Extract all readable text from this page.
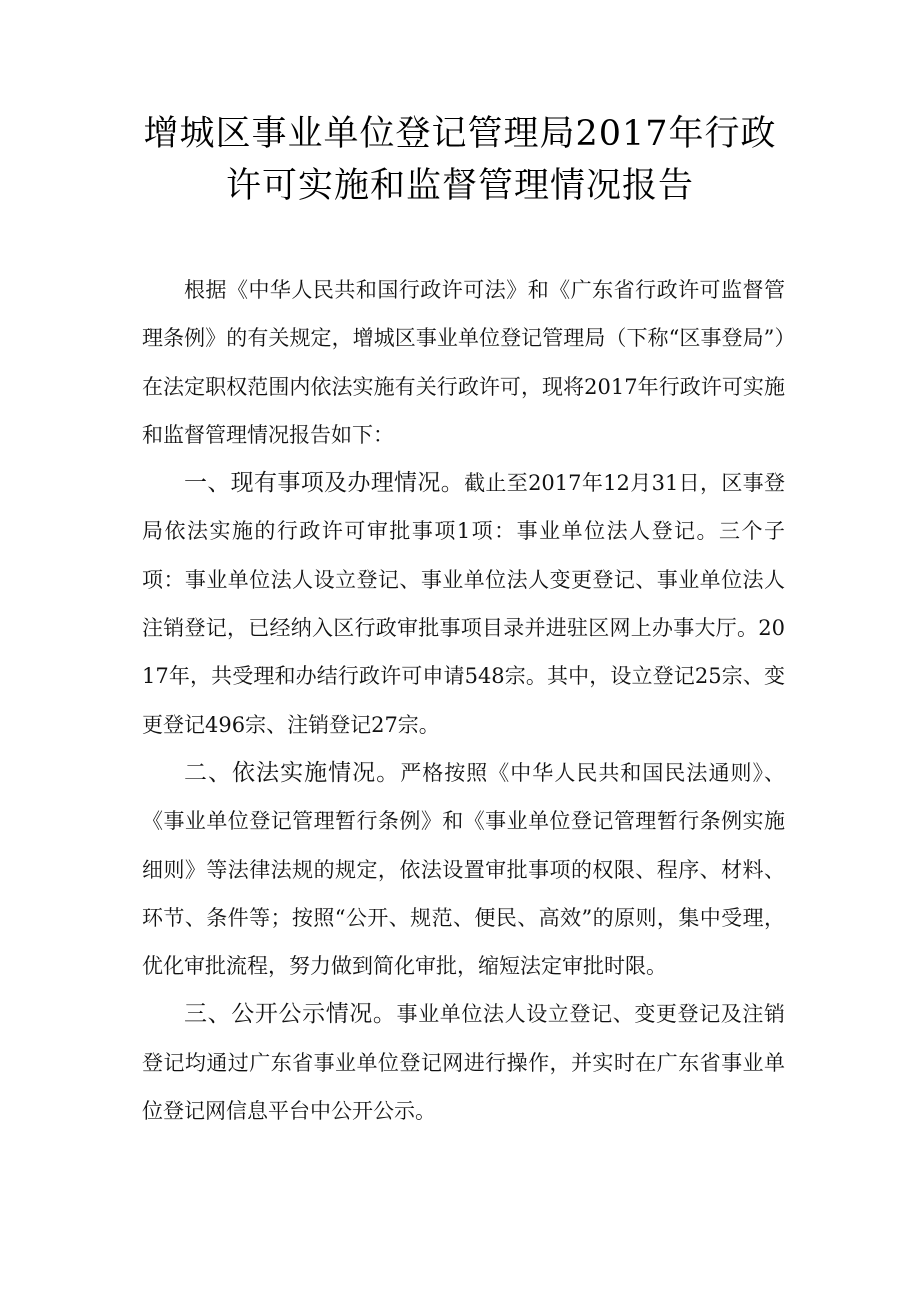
增城区事业单位登记管理局2017年行政
许可实施和监督管理情况报告

根据《中华人民共和国行政许可法》和《广东省行政许可监督管理条例》的有关规定，增城区事业单位登记管理局（下称“区事登局”）在法定职权范围内依法实施有关行政许可，现将2017年行政许可实施和监督管理情况报告如下：

一、现有事项及办理情况。截止至2017年12月31日，区事登局依法实施的行政许可审批事项1项：事业单位法人登记。三个子项：事业单位法人设立登记、事业单位法人变更登记、事业单位法人注销登记，已经纳入区行政审批事项目录并进驻区网上办事大厅。2017年，共受理和办结行政许可申请548宗。其中，设立登记25宗、变更登记496宗、注销登记27宗。

二、依法实施情况。严格按照《中华人民共和国民法通则》、《事业单位登记管理暂行条例》和《事业单位登记管理暂行条例实施细则》等法律法规的规定，依法设置审批事项的权限、程序、材料、环节、条件等；按照“公开、规范、便民、高效”的原则，集中受理，优化审批流程，努力做到简化审批，缩短法定审批时限。

三、公开公示情况。事业单位法人设立登记、变更登记及注销登记均通过广东省事业单位登记网进行操作，并实时在广东省事业单位登记网信息平台中公开公示。
